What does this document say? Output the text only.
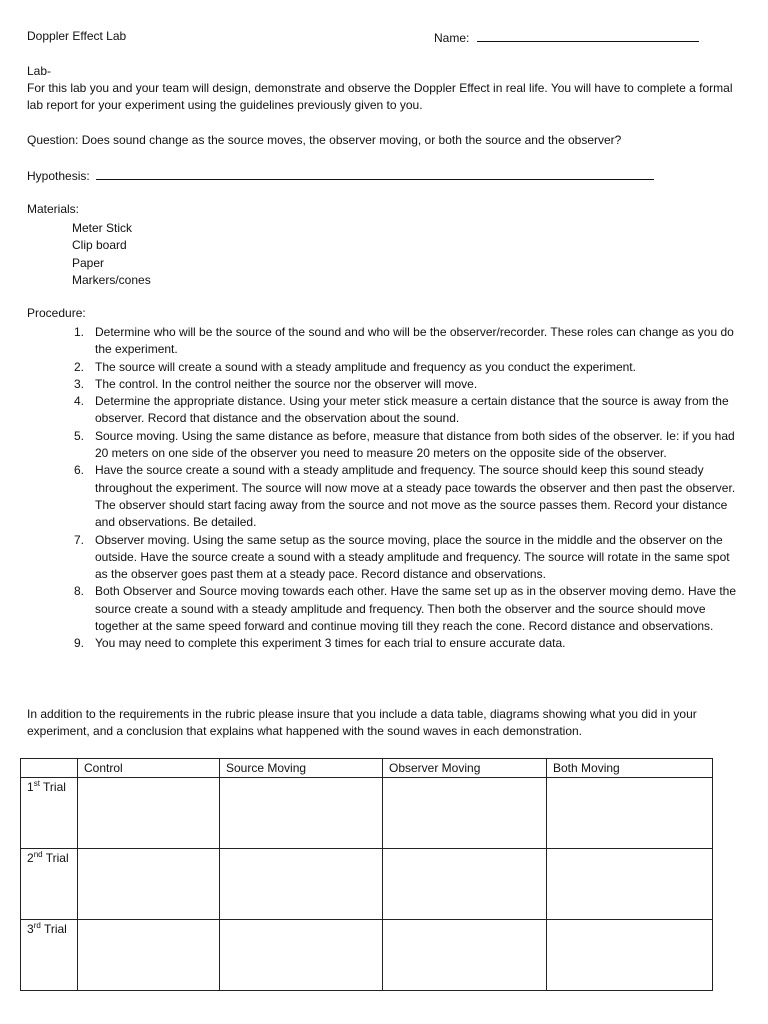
Doppler Effect Lab	Name:
Lab-
For this lab you and your team will design, demonstrate and observe the Doppler Effect in real life. You will have to complete a formal lab report for your experiment using the guidelines previously given to you.
Question: Does sound change as the source moves, the observer moving, or both the source and the observer?
Hypothesis:
Materials:
Meter Stick
Clip board
Paper
Markers/cones
Procedure:
1. Determine who will be the source of the sound and who will be the observer/recorder. These roles can change as you do the experiment.
2. The source will create a sound with a steady amplitude and frequency as you conduct the experiment.
3. The control. In the control neither the source nor the observer will move.
4. Determine the appropriate distance. Using your meter stick measure a certain distance that the source is away from the observer. Record that distance and the observation about the sound.
5. Source moving. Using the same distance as before, measure that distance from both sides of the observer. Ie: if you had 20 meters on one side of the observer you need to measure 20 meters on the opposite side of the observer.
6. Have the source create a sound with a steady amplitude and frequency. The source should keep this sound steady throughout the experiment. The source will now move at a steady pace towards the observer and then past the observer. The observer should start facing away from the source and not move as the source passes them. Record your distance and observations. Be detailed.
7. Observer moving. Using the same setup as the source moving, place the source in the middle and the observer on the outside. Have the source create a sound with a steady amplitude and frequency. The source will rotate in the same spot as the observer goes past them at a steady pace. Record distance and observations.
8. Both Observer and Source moving towards each other. Have the same set up as in the observer moving demo. Have the source create a sound with a steady amplitude and frequency. Then both the observer and the source should move together at the same speed forward and continue moving till they reach the cone. Record distance and observations.
9. You may need to complete this experiment 3 times for each trial to ensure accurate data.
In addition to the requirements in the rubric please insure that you include a data table, diagrams showing what you did in your experiment, and a conclusion that explains what happened with the sound waves in each demonstration.
	Control	Source Moving	Observer Moving	Both Moving
1st Trial				
2nd Trial				
3rd Trial				
